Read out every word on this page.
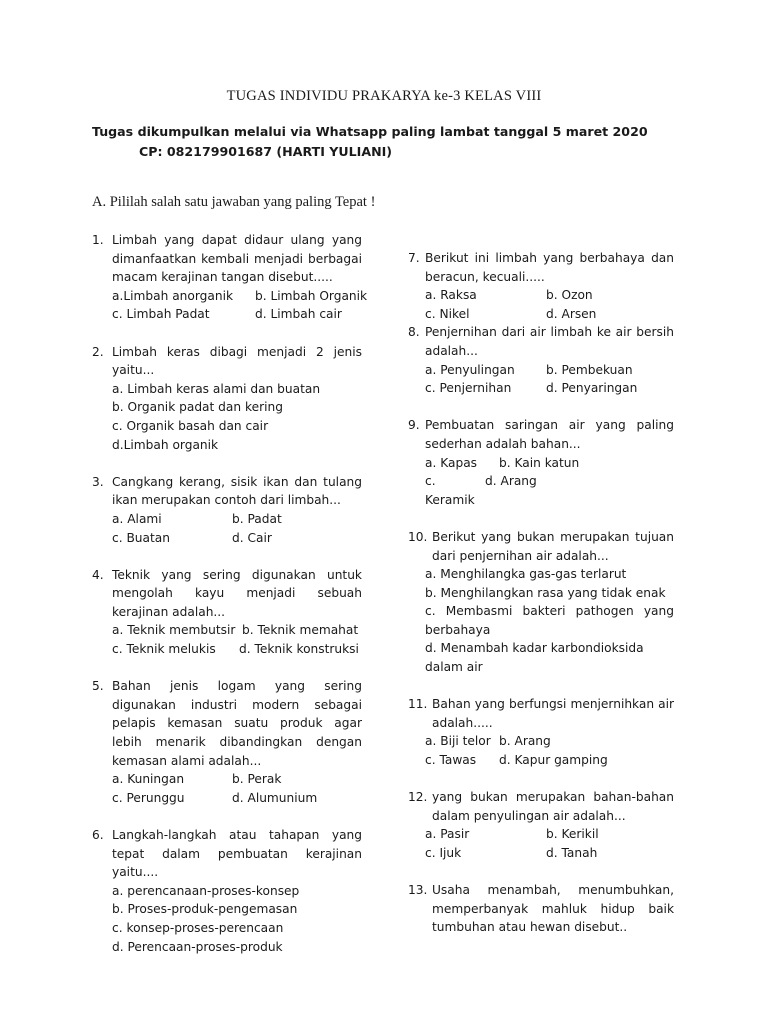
TUGAS INDIVIDU PRAKARYA ke-3 KELAS VIII
Tugas dikumpulkan melalui via Whatsapp paling lambat tanggal 5 maret 2020
CP: 082179901687 (HARTI YULIANI)
A. Pililah salah satu jawaban yang paling Tepat !
1. Limbah yang dapat didaur ulang yang dimanfaatkan kembali menjadi berbagai macam kerajinan tangan disebut.....
a.Limbah anorganik	b. Limbah Organik
c. Limbah Padat	d. Limbah cair
2. Limbah keras dibagi menjadi 2 jenis yaitu...
a. Limbah keras alami dan buatan
b. Organik padat dan kering
c. Organik basah dan cair
d.Limbah organik
3. Cangkang kerang, sisik ikan dan tulang ikan merupakan contoh dari limbah...
a. Alami	b. Padat
c. Buatan	d. Cair
4. Teknik yang sering digunakan untuk mengolah kayu menjadi sebuah kerajinan adalah...
a. Teknik membutsir b. Teknik memahat
c. Teknik melukis	d. Teknik konstruksi
5. Bahan jenis logam yang sering digunakan industri modern sebagai pelapis kemasan suatu produk agar lebih menarik dibandingkan dengan kemasan alami adalah...
a. Kuningan	b. Perak
c. Perunggu	d. Alumunium
6. Langkah-langkah atau tahapan yang tepat dalam pembuatan kerajinan yaitu....
a. perencanaan-proses-konsep
b. Proses-produk-pengemasan
c. konsep-proses-perencaan
d. Perencaan-proses-produk
7. Berikut ini limbah yang berbahaya dan beracun, kecuali.....
a. Raksa	b. Ozon
c. Nikel	d. Arsen
8. Penjernihan dari air limbah ke air bersih adalah...
a. Penyulingan	b. Pembekuan
c. Penjernihan	d. Penyaringan
9. Pembuatan saringan air yang paling sederhan adalah bahan...
a. Kapas	b. Kain katun
c. Keramik
d. Arang
10. Berikut yang bukan merupakan tujuan dari penjernihan air adalah...
a. Menghilangka gas-gas terlarut
b. Menghilangkan rasa yang tidak enak
c. Membasmi bakteri pathogen yang berbahaya
d. Menambah kadar karbondioksida dalam air
11. Bahan yang berfungsi menjernihkan air adalah.....
a. Biji telor b. Arang
c. Tawas	d. Kapur gamping
12. yang bukan merupakan bahan-bahan dalam penyulingan air adalah...
a. Pasir	b. Kerikil
c. Ijuk	d. Tanah
13. Usaha menambah, menumbuhkan, memperbanyak mahluk hidup baik tumbuhan atau hewan disebut..
